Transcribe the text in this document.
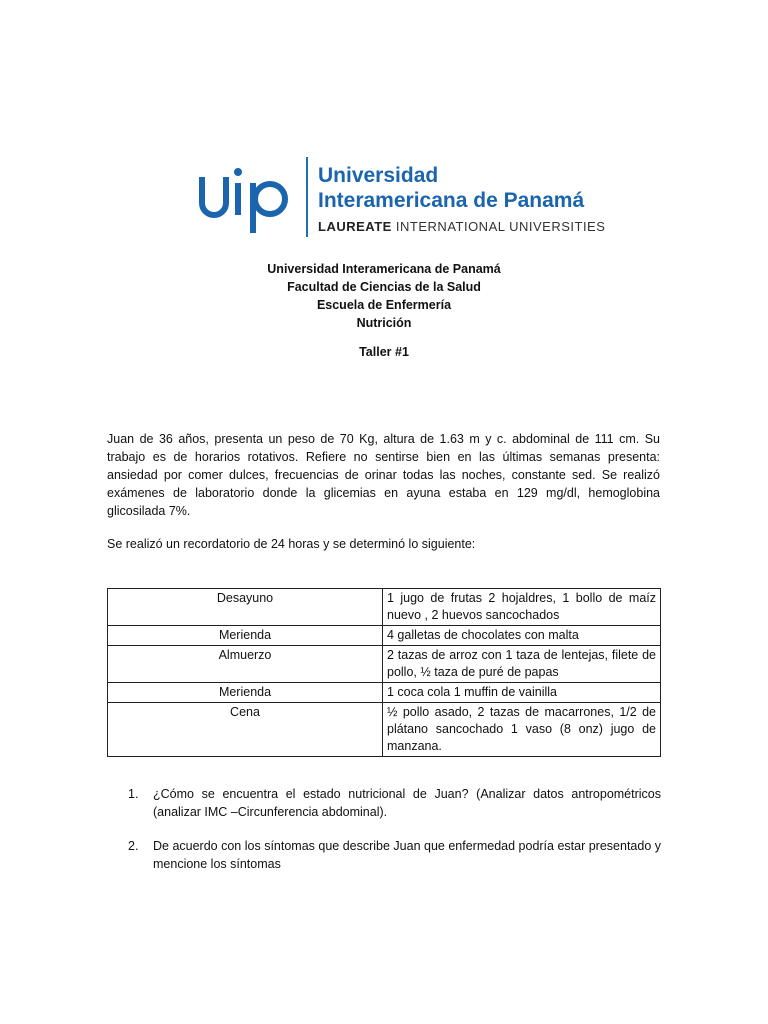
Universidad
Interamericana de Panamá
LAUREATE INTERNATIONAL UNIVERSITIES
Universidad Interamericana de Panamá
Facultad de Ciencias de la Salud
Escuela de Enfermería
Nutrición
Taller #1
Juan de 36 años, presenta un peso de 70 Kg, altura de 1.63 m y c. abdominal de 111 cm. Su trabajo es de horarios rotativos. Refiere no sentirse bien en las últimas semanas presenta: ansiedad por comer dulces, frecuencias de orinar todas las noches, constante sed. Se realizó exámenes de laboratorio donde la glicemias en ayuna estaba en 129 mg/dl, hemoglobina glicosilada 7%.
Se realizó un recordatorio de 24 horas y se determinó lo siguiente:
Desayuno	1 jugo de frutas 2 hojaldres, 1 bollo de maíz nuevo , 2 huevos sancochados
Merienda	4 galletas de chocolates con malta
Almuerzo	2 tazas de arroz con 1 taza de lentejas, filete de pollo, ½ taza de puré de papas
Merienda	1 coca cola 1 muffin de vainilla
Cena	½ pollo asado, 2 tazas de macarrones, 1/2 de plátano sancochado 1 vaso (8 onz) jugo de manzana.
1. ¿Cómo se encuentra el estado nutricional de Juan? (Analizar datos antropométricos (analizar IMC –Circunferencia abdominal).
2. De acuerdo con los síntomas que describe Juan que enfermedad podría estar presentado y mencione los síntomas
